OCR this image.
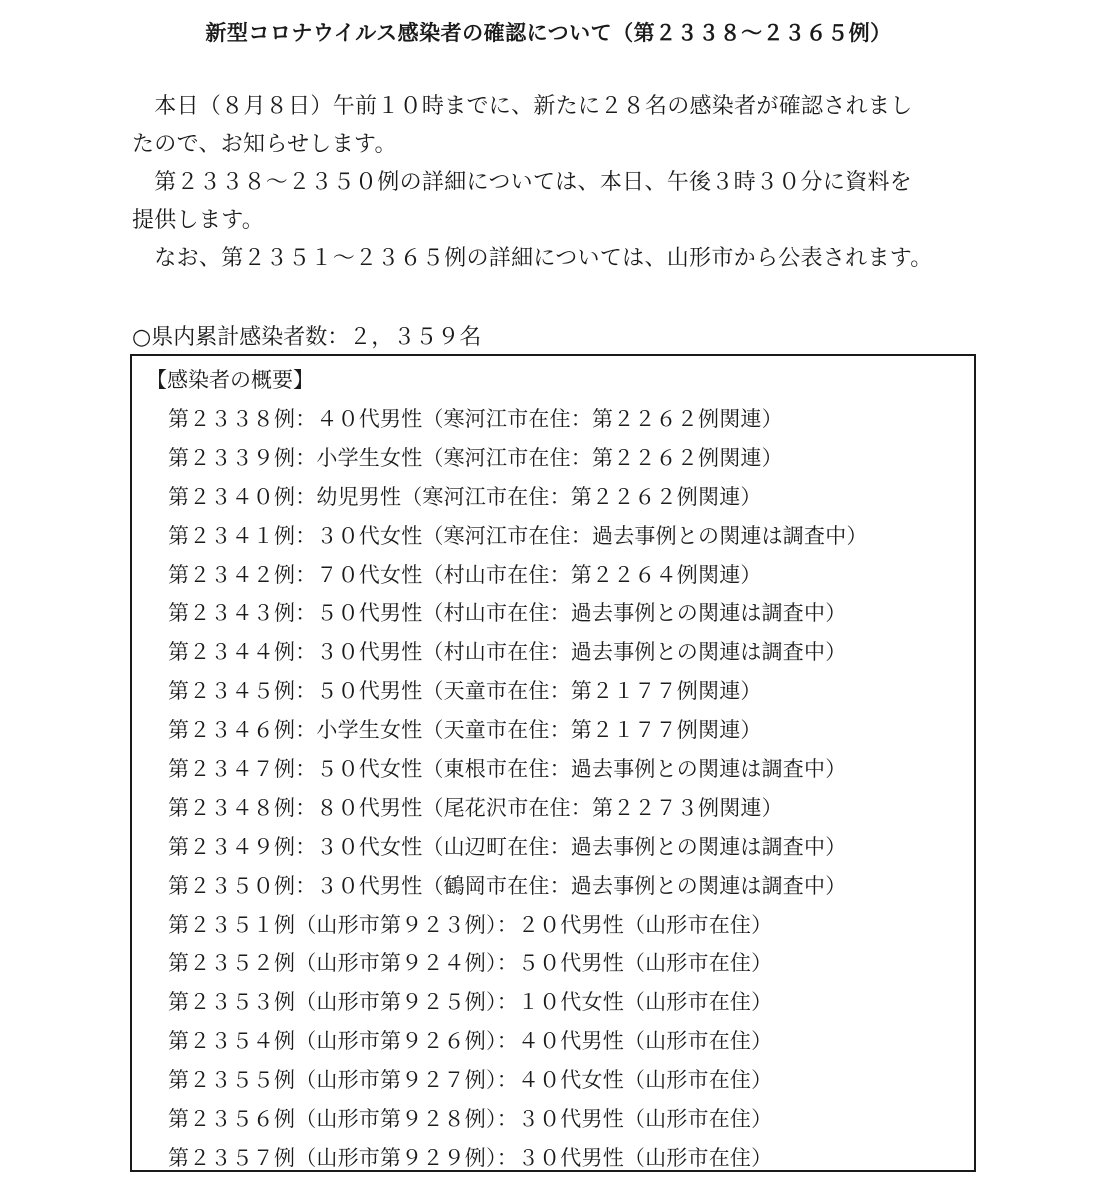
新型コロナウイルス感染者の確認について（第２３３８～２３６５例）
　本日（８月８日）午前１０時までに、新たに２８名の感染者が確認されまし
たので、お知らせします。
　第２３３８～２３５０例の詳細については、本日、午後３時３０分に資料を
提供します。
　なお、第２３５１～２３６５例の詳細については、山形市から公表されます。
○県内累計感染者数：２，３５９名
【感染者の概要】
第２３３８例：４０代男性（寒河江市在住：第２２６２例関連）
第２３３９例：小学生女性（寒河江市在住：第２２６２例関連）
第２３４０例：幼児男性（寒河江市在住：第２２６２例関連）
第２３４１例：３０代女性（寒河江市在住：過去事例との関連は調査中）
第２３４２例：７０代女性（村山市在住：第２２６４例関連）
第２３４３例：５０代男性（村山市在住：過去事例との関連は調査中）
第２３４４例：３０代男性（村山市在住：過去事例との関連は調査中）
第２３４５例：５０代男性（天童市在住：第２１７７例関連）
第２３４６例：小学生女性（天童市在住：第２１７７例関連）
第２３４７例：５０代女性（東根市在住：過去事例との関連は調査中）
第２３４８例：８０代男性（尾花沢市在住：第２２７３例関連）
第２３４９例：３０代女性（山辺町在住：過去事例との関連は調査中）
第２３５０例：３０代男性（鶴岡市在住：過去事例との関連は調査中）
第２３５１例（山形市第９２３例）：２０代男性（山形市在住）
第２３５２例（山形市第９２４例）：５０代男性（山形市在住）
第２３５３例（山形市第９２５例）：１０代女性（山形市在住）
第２３５４例（山形市第９２６例）：４０代男性（山形市在住）
第２３５５例（山形市第９２７例）：４０代女性（山形市在住）
第２３５６例（山形市第９２８例）：３０代男性（山形市在住）
第２３５７例（山形市第９２９例）：３０代男性（山形市在住）
